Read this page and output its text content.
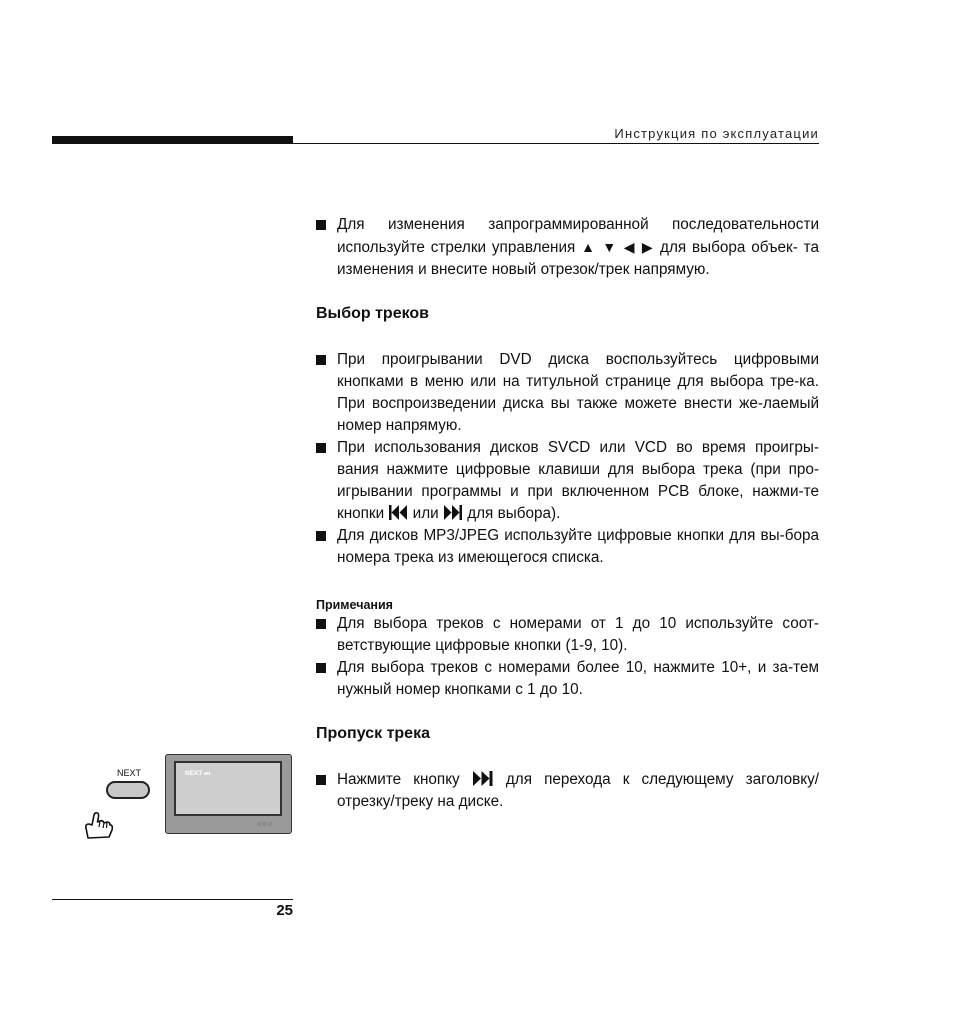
Инструкция по эксплуатации
Для изменения запрограммированной последовательности используйте стрелки управления ▲ ▼ ◀ ▶ для выбора объек- та изменения и внесите новый отрезок/трек напрямую.

Выбор треков

При проигрывании DVD диска воспользуйтесь цифровыми кнопками в меню или на титульной странице для выбора тре-ка. При воспроизведении диска вы также можете внести же-лаемый номер напрямую.
При использования дисков SVCD или VCD во время проигры-вания нажмите цифровые клавиши для выбора трека (при про-игрывании программы и при включенном PCB блоке, нажми-те кнопки или для выбора).
Для дисков MP3/JPEG используйте цифровые кнопки для вы-бора номера трека из имеющегося списка.

Примечания

Для выбора треков с номерами от 1 до 10 используйте соот-ветствующие цифровые кнопки (1-9, 10).
Для выбора треков с номерами более 10, нажмите 10+, и за-тем нужный номер кнопками с 1 до 10.

Пропуск трека

Нажмите кнопку	для перехода к следующему заголовку/ отрезку/треку на диске.
NEXT	NEXT ⏭
○○○
25
